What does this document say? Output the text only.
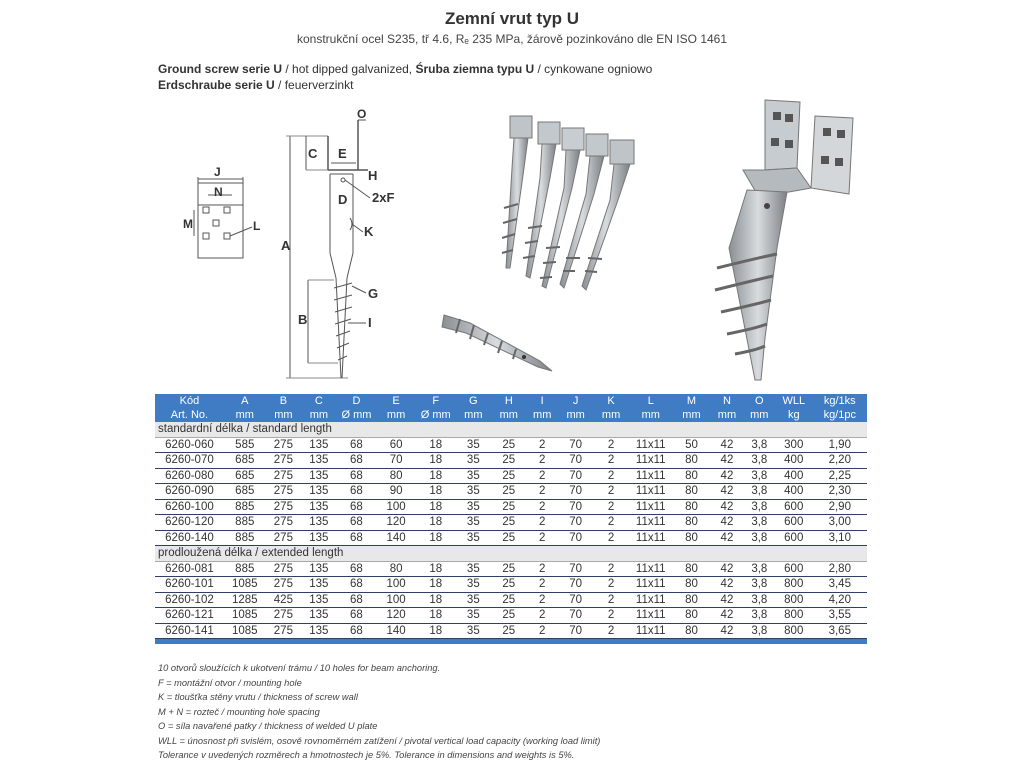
Zemní vrut typ U
konstrukční ocel S235, tř 4.6, Rₑ 235 MPa, žárově pozinkováno dle EN ISO 1461
Ground screw serie U / hot dipped galvanized, Śruba ziemna typu U / cynkowane ogniowo
Erdschraube serie U / feuerverzinkt
J
N
M	L
O
C E
H
D 2xF
K
A
G
B	I
Kód	A	B	C	D	E	F	G	H	I	J	K	L	M	N	O	WLL	kg/1ks
Art. No.	mm	mm	mm	Ø mm	mm	Ø mm	mm	mm	mm	mm	mm	mm	mm	mm	mm	kg	kg/1pc
standardní délka / standard length																	
6260-060	585	275	135	68	60	18	35	25	2	70	2	11x11	50	42	3,8	300	1,90
6260-070	685	275	135	68	70	18	35	25	2	70	2	11x11	80	42	3,8	400	2,20
6260-080	685	275	135	68	80	18	35	25	2	70	2	11x11	80	42	3,8	400	2,25
6260-090	685	275	135	68	90	18	35	25	2	70	2	11x11	80	42	3,8	400	2,30
6260-100	885	275	135	68	100	18	35	25	2	70	2	11x11	80	42	3,8	600	2,90
6260-120	885	275	135	68	120	18	35	25	2	70	2	11x11	80	42	3,8	600	3,00
6260-140	885	275	135	68	140	18	35	25	2	70	2	11x11	80	42	3,8	600	3,10
prodloužená délka / extended length																	
6260-081	885	275	135	68	80	18	35	25	2	70	2	11x11	80	42	3,8	600	2,80
6260-101	1085	275	135	68	100	18	35	25	2	70	2	11x11	80	42	3,8	800	3,45
6260-102	1285	425	135	68	100	18	35	25	2	70	2	11x11	80	42	3,8	800	4,20
6260-121	1085	275	135	68	120	18	35	25	2	70	2	11x11	80	42	3,8	800	3,55
6260-141	1085	275	135	68	140	18	35	25	2	70	2	11x11	80	42	3,8	800	3,65

10 otvorů sloužících k ukotvení trámu / 10 holes for beam anchoring.
F = montážní otvor / mounting hole
K = tloušťka stěny vrutu / thickness of screw wall
M + N = rozteč / mounting hole spacing
O = síla navařené patky / thickness of welded U plate
WLL = únosnost při svislém, osově rovnoměrném zatížení / pivotal vertical load capacity (working load limit)
Tolerance v uvedených rozměrech a hmotnostech je 5%. Tolerance in dimensions and weights is 5%.
